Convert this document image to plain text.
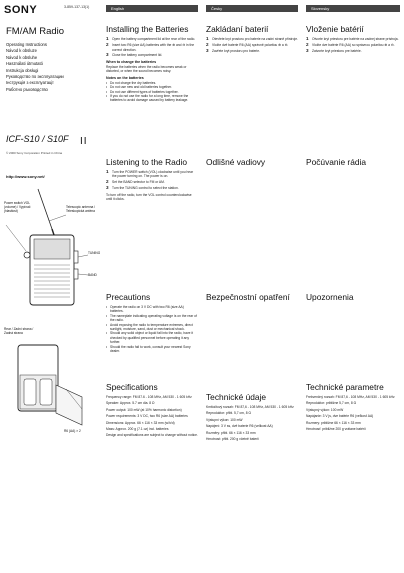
SONY	3-859-137-13(1)
FM/AM Radio
Operating Instructions
Návod k obsluze
Návod k obsluhe
Használati útmutató
Instrukcja obsługi
Руководство по эксплуатации
Інструкція з експлуатації
Работно ръководство
ICF-S10 / S10F II
© 2000 Sony Corporation Printed in China
http://www.sony.net/
Power switch VOL (volume) / Vypínač (hlasitost)
Telescopic antenna / Teleskopická anténa
TUNING
BAND
Rear / Zadní strana / Zadná strana
R6 (AA) × 2
English	Česky	Slovensky
Installing the Batteries
1	Open the battery compartment lid at the rear of the radio.
2	Insert two R6 (size AA) batteries with the ⊕ and ⊖ in the correct direction.
3	Close the battery compartment lid.
When to change the batteries
Replace the batteries when the radio becomes weak or distorted, or when the sound becomes noisy.
Notes on the batteries
• Do not charge the dry batteries.
• Do not use new and old batteries together.
• Do not use different types of batteries together.
• If you do not use the radio for a long time, remove the batteries to avoid damage caused by battery leakage.
Listening to the Radio
1	Turn the POWER switch (VOL) clockwise until you hear the power turning on. The power is on.
2	Set the BAND selector to FM or AM.
3	Turn the TUNING control to select the station.
To turn off the radio, turn the VOL control counterclockwise until it clicks.
Precautions
• Operate the radio on 3 V DC with two R6 (size AA) batteries.
• The nameplate indicating operating voltage is on the rear of the radio.
• Avoid exposing the radio to temperature extremes, direct sunlight, moisture, sand, dust or mechanical shock.
• Should any solid object or liquid fall into the radio, have it checked by qualified personnel before operating it any further.
• Should the radio fail to work, consult your nearest Sony dealer.
Specifications
Frequency range: FM 87.6 - 108 MHz, AM 530 - 1 605 kHz
Speaker: Approx. 5.7 cm dia. 8 Ω
Power output: 100 mW (at 10% harmonic distortion)
Power requirements: 3 V DC, two R6 (size AA) batteries
Dimensions: Approx. 66 × 116 × 33 mm (w/h/d)
Mass: Approx. 200 g (7.1 oz) incl. batteries
Design and specifications are subject to change without notice.
Zakládaní baterií
1	Otevřete kryt prostoru pro baterie na zadní straně přístroje.
2	Vložte dvě baterie R6 (AA) správně polaritou ⊕ a ⊖.
3	Zavřete kryt prostoru pro baterie.
Odlišné vadiovy
Bezpečnostní opatření
Technické údaje
Kmitočtový rozsah: FM 87,6 - 108 MHz, AM 530 - 1 605 kHz
Reproduktor: přibl. 5,7 cm, 8 Ω
Výstupní výkon: 100 mW
Napájení: 3 V ss, dvě baterie R6 (velikost AA)
Rozměry: přibl. 66 × 116 × 33 mm
Hmotnost: přibl. 200 g včetně baterií
Vloženie batérií
1	Otvorte kryt priestoru pre batérie na zadnej strane prístroja.
2	Vložte dve batérie R6 (AA) so správnou polaritou ⊕ a ⊖.
3	Zatvorte kryt priestoru pre batérie.
Počúvanie rádia
Upozornenia
Technické parametre
Frekvenčný rozsah: FM 87,6 - 108 MHz, AM 530 - 1 605 kHz
Reproduktor: približne 5,7 cm, 8 Ω
Výstupný výkon: 100 mW
Napájanie: 3 V js, dve batérie R6 (veľkosť AA)
Rozmery: približne 66 × 116 × 33 mm
Hmotnosť: približne 200 g vrátane batérií
